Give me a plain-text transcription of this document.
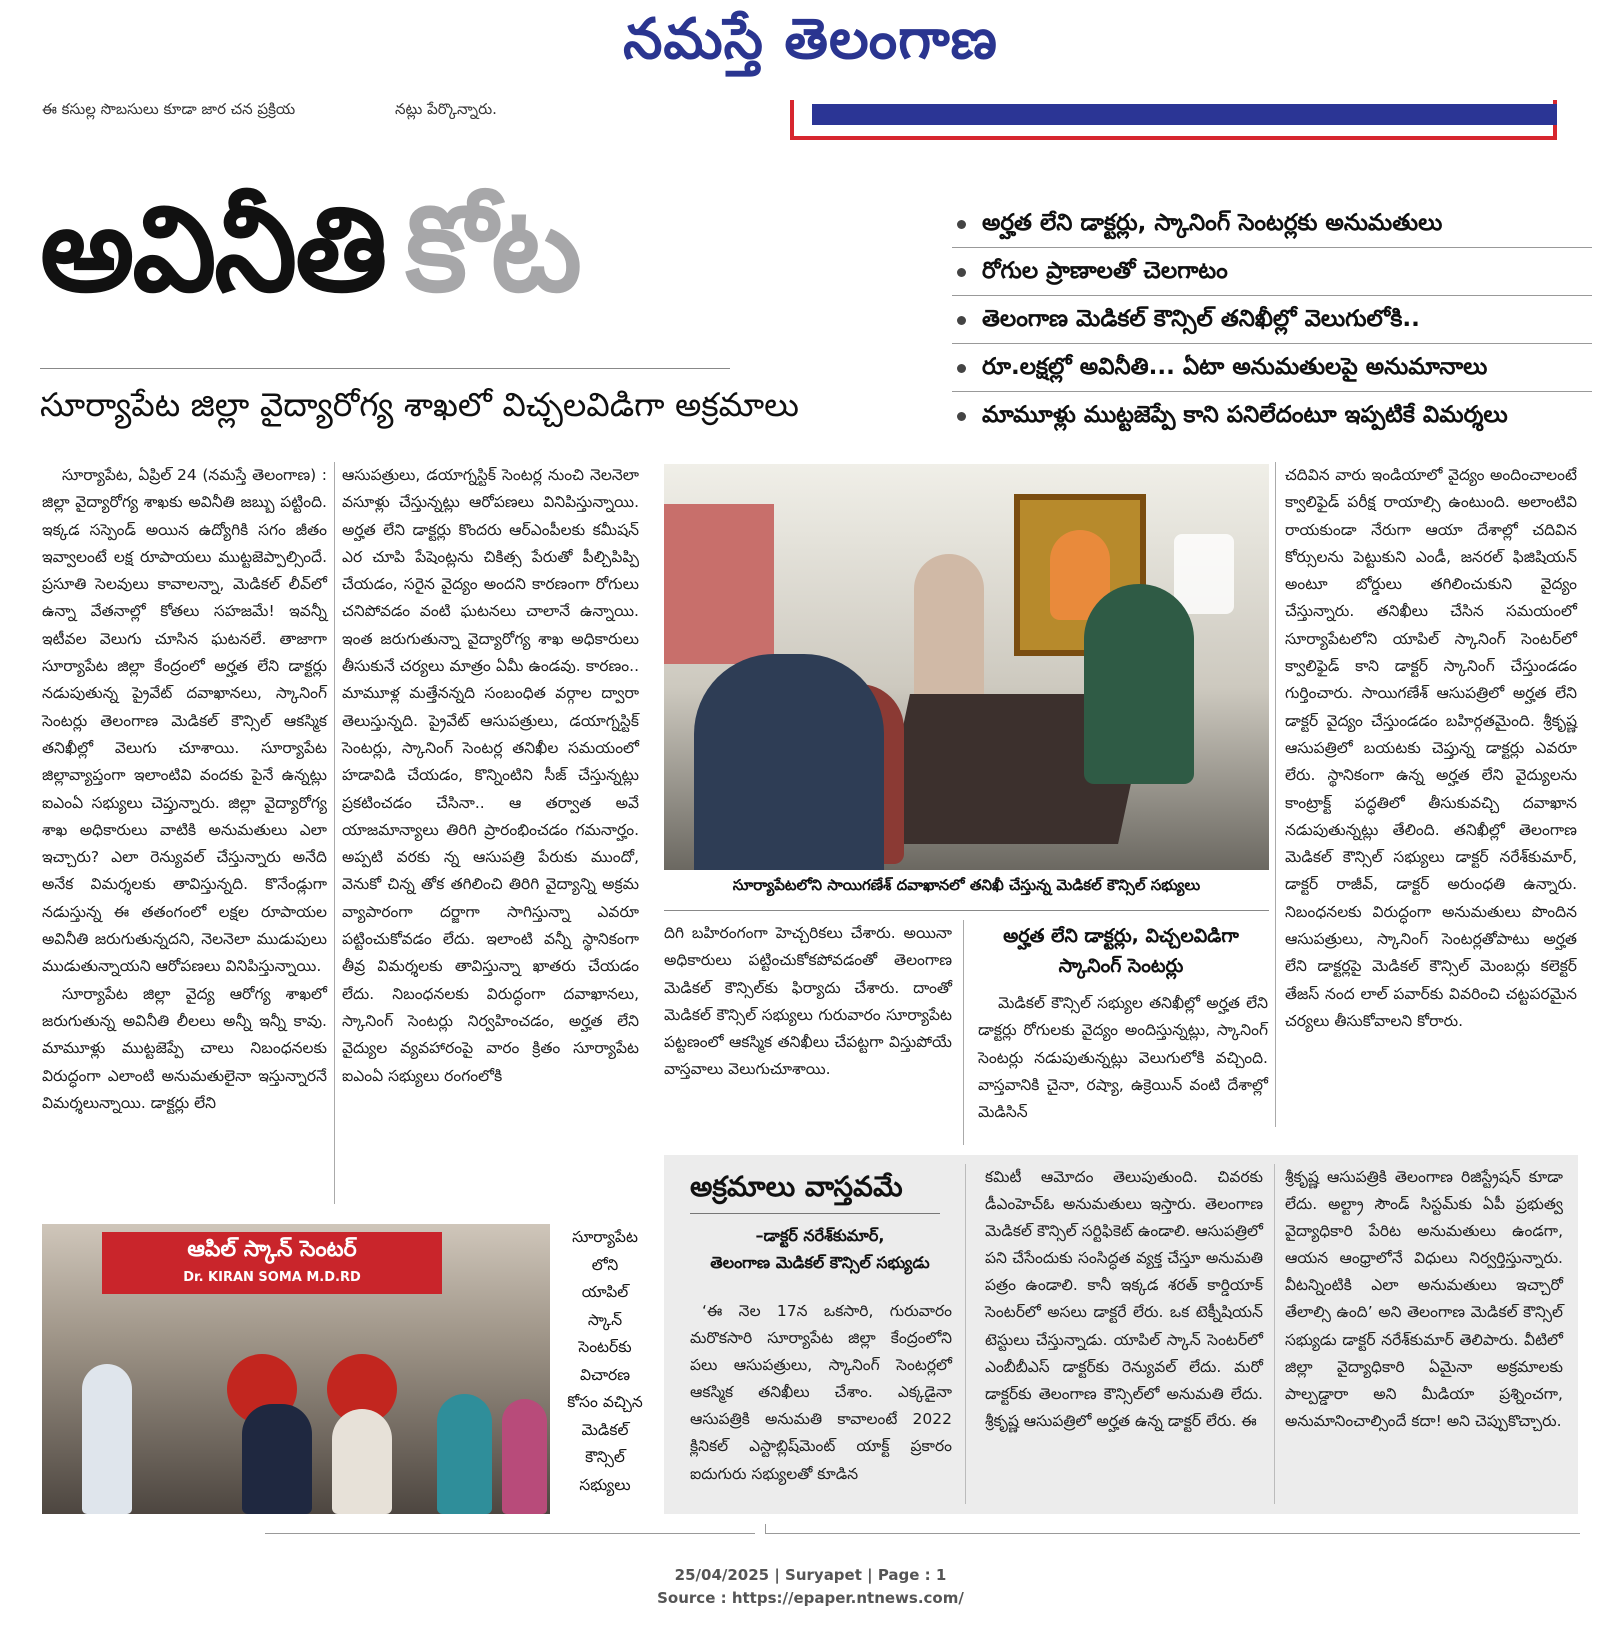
నమస్తే తెలంగాణ
ఈ కసుల్ల సొబసులు కూడా జార చన ప్రక్రియ	నట్లు పేర్కొన్నారు.
అవినీతి కోట
సూర్యాపేట జిల్లా వైద్యారోగ్య శాఖలో విచ్చలవిడిగా అక్రమాలు
అర్హత లేని డాక్టర్లు, స్కానింగ్ సెంటర్లకు అనుమతులు
రోగుల ప్రాణాలతో చెలగాటం
తెలంగాణ మెడికల్ కౌన్సిల్ తనిఖీల్లో వెలుగులోకి..
రూ.లక్షల్లో అవినీతి... ఏటా అనుమతులపై అనుమానాలు
మామూళ్లు ముట్టజెప్పే కాని పనిలేదంటూ ఇప్పటికే విమర్శలు

సూర్యాపేట, ఏప్రిల్ 24 (నమస్తే తెలంగాణ) : జిల్లా వైద్యారోగ్య శాఖకు అవినీతి జబ్బు పట్టింది. ఇక్కడ సస్పెండ్ అయిన ఉద్యోగికి సగం జీతం ఇవ్వాలంటే లక్ష రూపాయలు ముట్టజెప్పాల్సిందే. ప్రసూతి సెలవులు కావాలన్నా, మెడికల్ లీవ్‌లో ఉన్నా వేతనాల్లో కోతలు సహజమే! ఇవన్నీ ఇటీవల వెలుగు చూసిన ఘటనలే. తాజాగా సూర్యాపేట జిల్లా కేంద్రంలో అర్హత లేని డాక్టర్లు నడుపుతున్న ప్రైవేట్ దవాఖానలు, స్కానింగ్ సెంటర్లు తెలంగాణ మెడికల్ కౌన్సిల్ ఆకస్మిక తనిఖీల్లో వెలుగు చూశాయి. సూర్యాపేట జిల్లావ్యాప్తంగా ఇలాంటివి వందకు పైనే ఉన్నట్లు ఐఎంఏ సభ్యులు చెప్తున్నారు. జిల్లా వైద్యారోగ్య శాఖ అధికారులు వాటికి అనుమతులు ఎలా ఇచ్చారు? ఎలా రెన్యువల్ చేస్తున్నారు అనేది అనేక విమర్శలకు తావిస్తున్నది. కొనేండ్లుగా నడుస్తున్న ఈ తతంగంలో లక్షల రూపాయల అవినీతి జరుగుతున్నదని, నెలనెలా ముడుపులు ముడుతున్నాయని ఆరోపణలు వినిపిస్తున్నాయి.

సూర్యాపేట జిల్లా వైద్య ఆరోగ్య శాఖలో జరుగుతున్న అవినీతి లీలలు అన్నీ ఇన్నీ కావు. మామూళ్లు ముట్టజెప్పే చాలు నిబంధనలకు విరుద్ధంగా ఎలాంటి అనుమతులైనా ఇస్తున్నారనే విమర్శలున్నాయి. డాక్టర్లు లేని

ఆసుపత్రులు, డయాగ్నస్టిక్ సెంటర్ల నుంచి నెలనెలా వసూళ్లు చేస్తున్నట్లు ఆరోపణలు వినిపిస్తున్నాయి. అర్హత లేని డాక్టర్లు కొందరు ఆర్‌ఎంపీలకు కమీషన్ ఎర చూపి పేషెంట్లను చికిత్స పేరుతో పీల్చిపిప్పి చేయడం, సరైన వైద్యం అందని కారణంగా రోగులు చనిపోవడం వంటి ఘటనలు చాలానే ఉన్నాయి. ఇంత జరుగుతున్నా వైద్యారోగ్య శాఖ అధికారులు తీసుకునే చర్యలు మాత్రం ఏమీ ఉండవు. కారణం.. మామూళ్ల మత్తేనన్నది సంబంధిత వర్గాల ద్వారా తెలుస్తున్నది. ప్రైవేట్ ఆసుపత్రులు, డయాగ్నస్టిక్ సెంటర్లు, స్కానింగ్ సెంటర్ల తనిఖీల సమయంలో హడావిడి చేయడం, కొన్నింటిని సీజ్ చేస్తున్నట్లు ప్రకటించడం చేసినా.. ఆ తర్వాత అవే యాజమాన్యాలు తిరిగి ప్రారంభించడం గమనార్హం. అప్పటి వరకు న్న ఆసుపత్రి పేరుకు ముందో, వెనుకో చిన్న తోక తగిలించి తిరిగి వైద్యాన్ని అక్రమ వ్యాపారంగా దర్జాగా సాగిస్తున్నా ఎవరూ పట్టించుకోవడం లేదు. ఇలాంటి వన్నీ స్థానికంగా తీవ్ర విమర్శలకు తావిస్తున్నా ఖాతరు చేయడం లేదు. నిబంధనలకు విరుద్ధంగా దవాఖానలు, స్కానింగ్ సెంటర్లు నిర్వహించడం, అర్హత లేని వైద్యుల వ్యవహారంపై వారం క్రితం సూర్యాపేట ఐఎంఏ సభ్యులు రంగంలోకి

సూర్యాపేటలోని సాయిగణేశ్ దవాఖానలో తనిఖీ చేస్తున్న మెడికల్ కౌన్సిల్ సభ్యులు

దిగి బహిరంగంగా హెచ్చరికలు చేశారు. అయినా అధికారులు పట్టించుకోకపోవడంతో తెలంగాణ మెడికల్ కౌన్సిల్‌కు ఫిర్యాదు చేశారు. దాంతో మెడికల్ కౌన్సిల్ సభ్యులు గురువారం సూర్యాపేట పట్టణంలో ఆకస్మిక తనిఖీలు చేపట్టగా విస్తుపోయే వాస్తవాలు వెలుగుచూశాయి.

అర్హత లేని డాక్టర్లు, విచ్చలవిడిగా స్కానింగ్ సెంటర్లు

మెడికల్ కౌన్సిల్ సభ్యుల తనిఖీల్లో అర్హత లేని డాక్టర్లు రోగులకు వైద్యం అందిస్తున్నట్లు, స్కానింగ్ సెంటర్లు నడుపుతున్నట్లు వెలుగులోకి వచ్చింది. వాస్తవానికి చైనా, రష్యా, ఉక్రెయిన్ వంటి దేశాల్లో మెడిసిన్

చదివిన వారు ఇండియాలో వైద్యం అందించాలంటే క్వాలిఫైడ్ పరీక్ష రాయాల్సి ఉంటుంది. అలాంటివి రాయకుండా నేరుగా ఆయా దేశాల్లో చదివిన కోర్సులను పెట్టుకుని ఎండీ, జనరల్ ఫిజిషియన్ అంటూ బోర్డులు తగిలించుకుని వైద్యం చేస్తున్నారు. తనిఖీలు చేసిన సమయంలో సూర్యాపేటలోని యాపిల్ స్కానింగ్ సెంటర్‌లో క్వాలిఫైడ్ కాని డాక్టర్ స్కానింగ్ చేస్తుండడం గుర్తించారు. సాయిగణేశ్ ఆసుపత్రిలో అర్హత లేని డాక్టర్ వైద్యం చేస్తుండడం బహిర్గతమైంది. శ్రీకృష్ణ ఆసుపత్రిలో బయటకు చెప్తున్న డాక్టర్లు ఎవరూ లేరు. స్థానికంగా ఉన్న అర్హత లేని వైద్యులను కాంట్రాక్ట్ పద్ధతిలో తీసుకువచ్చి దవాఖాన నడుపుతున్నట్లు తేలింది. తనిఖీల్లో తెలంగాణ మెడికల్ కౌన్సిల్ సభ్యులు డాక్టర్ నరేశ్‌కుమార్, డాక్టర్ రాజీవ్, డాక్టర్ అరుంధతి ఉన్నారు. నిబంధనలకు విరుద్ధంగా అనుమతులు పొందిన ఆసుపత్రులు, స్కానింగ్ సెంటర్లతోపాటు అర్హత లేని డాక్టర్లపై మెడికల్ కౌన్సిల్ మెంబర్లు కలెక్టర్ తేజస్ నంద లాల్ పవార్‌కు వివరించి చట్టపరమైన చర్యలు తీసుకోవాలని కోరారు.

ఆపిల్ స్కాన్ సెంటర్
Dr. KIRAN SOMA M.D.RD
సూర్యాపేట
లోని
యాపిల్
స్కాన్
సెంటర్‌కు
విచారణ
కోసం వచ్చిన
మెడికల్
కౌన్సిల్
సభ్యులు
అక్రమాలు వాస్తవమే
–డాక్టర్ నరేశ్‌కుమార్,
తెలంగాణ మెడికల్ కౌన్సిల్ సభ్యుడు

‘ఈ నెల 17న ఒకసారి, గురువారం మరొకసారి సూర్యాపేట జిల్లా కేంద్రంలోని పలు ఆసుపత్రులు, స్కానింగ్ సెంటర్లలో ఆకస్మిక తనిఖీలు చేశాం. ఎక్కడైనా ఆసుపత్రికి అనుమతి కావాలంటే 2022 క్లినికల్ ఎస్టాబ్లిష్‌మెంట్ యాక్ట్ ప్రకారం ఐదుగురు సభ్యులతో కూడిన

కమిటీ ఆమోదం తెలుపుతుంది. చివరకు డీఎంహెచ్‌ఓ అనుమతులు ఇస్తారు. తెలంగాణ మెడికల్ కౌన్సిల్ సర్టిఫికెట్ ఉండాలి. ఆసుపత్రిలో పని చేసేందుకు సంసిద్ధత వ్యక్త చేస్తూ అనుమతి పత్రం ఉండాలి. కానీ ఇక్కడ శరత్ కార్డియాక్ సెంటర్‌లో అసలు డాక్టరే లేరు. ఒక టెక్నీషియన్ టెస్టులు చేస్తున్నాడు. యాపిల్ స్కాన్ సెంటర్‌లో ఎంబీబీఎస్ డాక్టర్‌కు రెన్యువల్ లేదు. మరో డాక్టర్‌కు తెలంగాణ కౌన్సిల్‌లో అనుమతి లేదు. శ్రీకృష్ణ ఆసుపత్రిలో అర్హత ఉన్న డాక్టర్ లేరు. ఈ

శ్రీకృష్ణ ఆసుపత్రికి తెలంగాణ రిజిస్ట్రేషన్ కూడా లేదు. అల్ట్రా సౌండ్ సిస్టమ్‌కు ఏపీ ప్రభుత్వ వైద్యాధికారి పేరిట అనుమతులు ఉండగా, ఆయన ఆంధ్రాలోనే విధులు నిర్వర్తిస్తున్నారు. వీటన్నింటికి ఎలా అనుమతులు ఇచ్చారో తేలాల్సి ఉంది’ అని తెలంగాణ మెడికల్ కౌన్సిల్ సభ్యుడు డాక్టర్ నరేశ్‌కుమార్ తెలిపారు. వీటిలో జిల్లా వైద్యాధికారి ఏమైనా అక్రమాలకు పాల్పడ్డారా అని మీడియా ప్రశ్నించగా, అనుమానించాల్సిందే కదా! అని చెప్పుకొచ్చారు.

25/04/2025 | Suryapet | Page : 1
Source : https://epaper.ntnews.com/
